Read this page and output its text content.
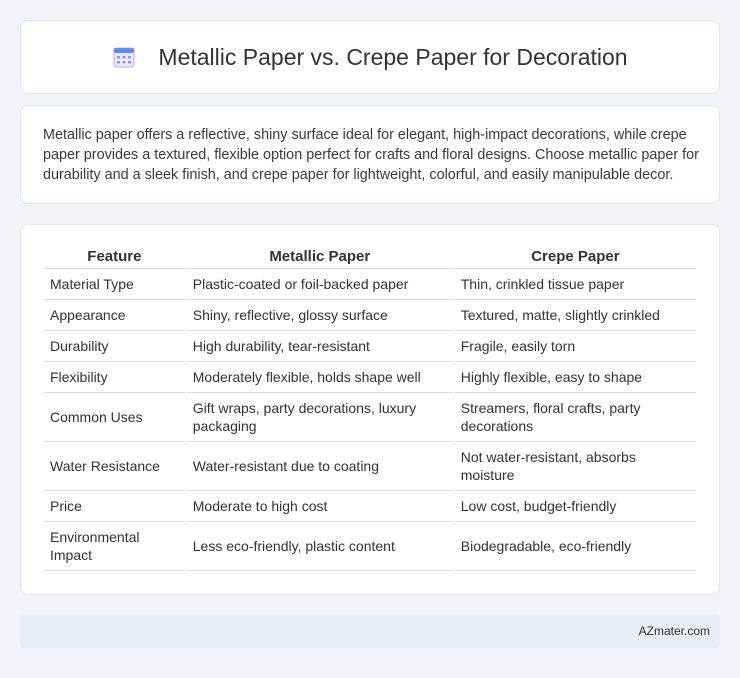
Metallic Paper vs. Crepe Paper for Decoration

Metallic paper offers a reflective, shiny surface ideal for elegant, high-impact decorations, while crepe paper provides a textured, flexible option perfect for crafts and floral designs. Choose metallic paper for durability and a sleek finish, and crepe paper for lightweight, colorful, and easily manipulable decor.

Feature	Metallic Paper	Crepe Paper
Material Type	Plastic-coated or foil-backed paper	Thin, crinkled tissue paper
Appearance	Shiny, reflective, glossy surface	Textured, matte, slightly crinkled
Durability	High durability, tear-resistant	Fragile, easily torn
Flexibility	Moderately flexible, holds shape well	Highly flexible, easy to shape
Common Uses	Gift wraps, party decorations, luxury packaging	Streamers, floral crafts, party decorations
Water Resistance	Water-resistant due to coating	Not water-resistant, absorbs moisture
Price	Moderate to high cost	Low cost, budget-friendly
Environmental Impact	Less eco-friendly, plastic content	Biodegradable, eco-friendly
AZmater.com
